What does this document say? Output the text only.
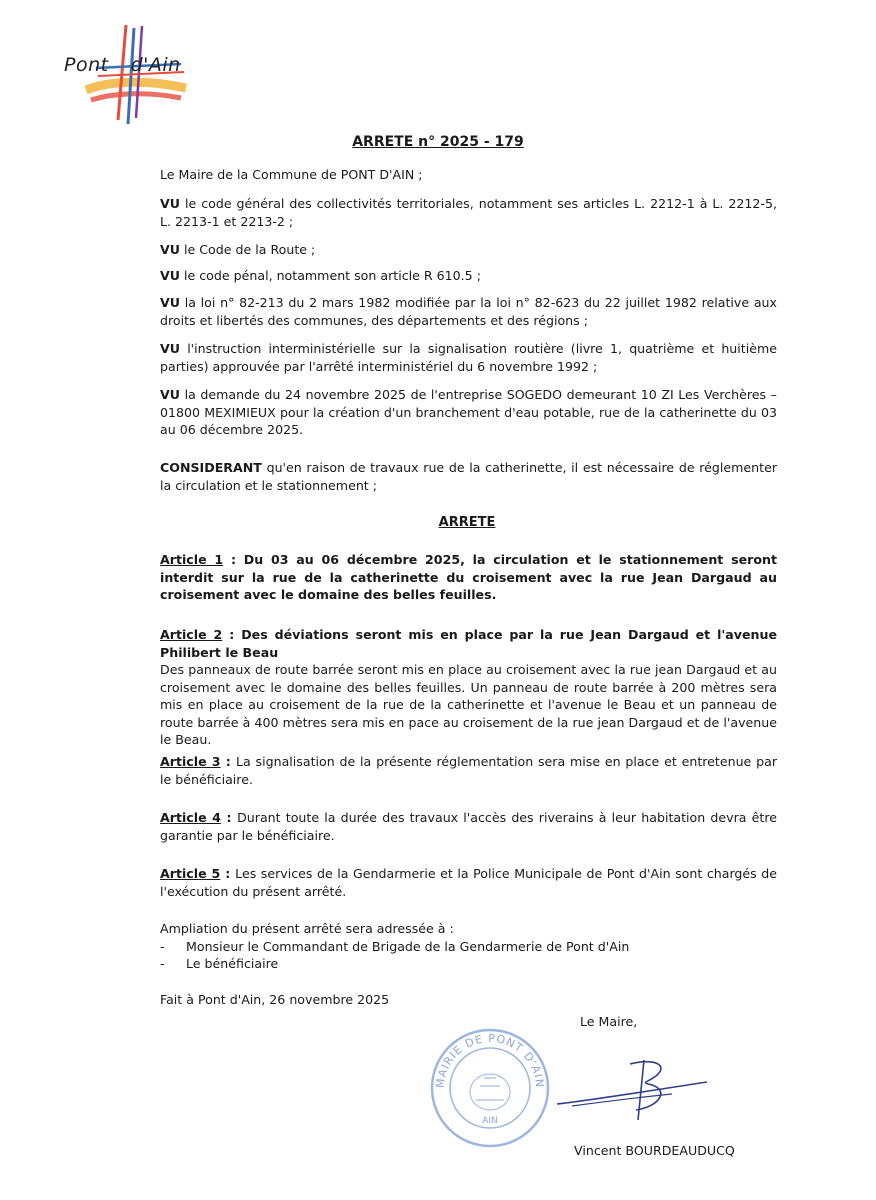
Pont d'Ain
ARRETE n° 2025 - 179
Le Maire de la Commune de PONT D'AIN ;

VU le code général des collectivités territoriales, notamment ses articles L. 2212-1 à L. 2212-5, L. 2213-1 et 2213-2 ;

VU le Code de la Route ;

VU le code pénal, notamment son article R 610.5 ;

VU la loi n° 82-213 du 2 mars 1982 modifiée par la loi n° 82-623 du 22 juillet 1982 relative aux droits et libertés des communes, des départements et des régions ;

VU l'instruction interministérielle sur la signalisation routière (livre 1, quatrième et huitième parties) approuvée par l'arrêté interministériel du 6 novembre 1992 ;

VU la demande du 24 novembre 2025 de l'entreprise SOGEDO demeurant 10 ZI Les Verchères – 01800 MEXIMIEUX pour la création d'un branchement d'eau potable, rue de la catherinette du 03 au 06 décembre 2025.

CONSIDERANT qu'en raison de travaux rue de la catherinette, il est nécessaire de réglementer la circulation et le stationnement ;

ARRETE

Article 1 : Du 03 au 06 décembre 2025, la circulation et le stationnement seront interdit sur la rue de la catherinette du croisement avec la rue Jean Dargaud au croisement avec le domaine des belles feuilles.

Article 2 : Des déviations seront mis en place par la rue Jean Dargaud et l'avenue Philibert le Beau

Des panneaux de route barrée seront mis en place au croisement avec la rue jean Dargaud et au croisement avec le domaine des belles feuilles. Un panneau de route barrée à 200 mètres sera mis en place au croisement de la rue de la catherinette et l'avenue le Beau et un panneau de route barrée à 400 mètres sera mis en pace au croisement de la rue jean Dargaud et de l'avenue le Beau.

Article 3 : La signalisation de la présente réglementation sera mise en place et entretenue par le bénéficiaire.

Article 4 : Durant toute la durée des travaux l'accès des riverains à leur habitation devra être garantie par le bénéficiaire.

Article 5 : Les services de la Gendarmerie et la Police Municipale de Pont d'Ain sont chargés de l'exécution du présent arrêté.

Ampliation du présent arrêté sera adressée à :

-	Monsieur le Commandant de Brigade de la Gendarmerie de Pont d'Ain
-	Le bénéficiaire
Fait à Pont d'Ain, 26 novembre 2025
Le Maire,
MAIRIE DE PONT D'AIN
AIN
Vincent BOURDEAUDUCQ
